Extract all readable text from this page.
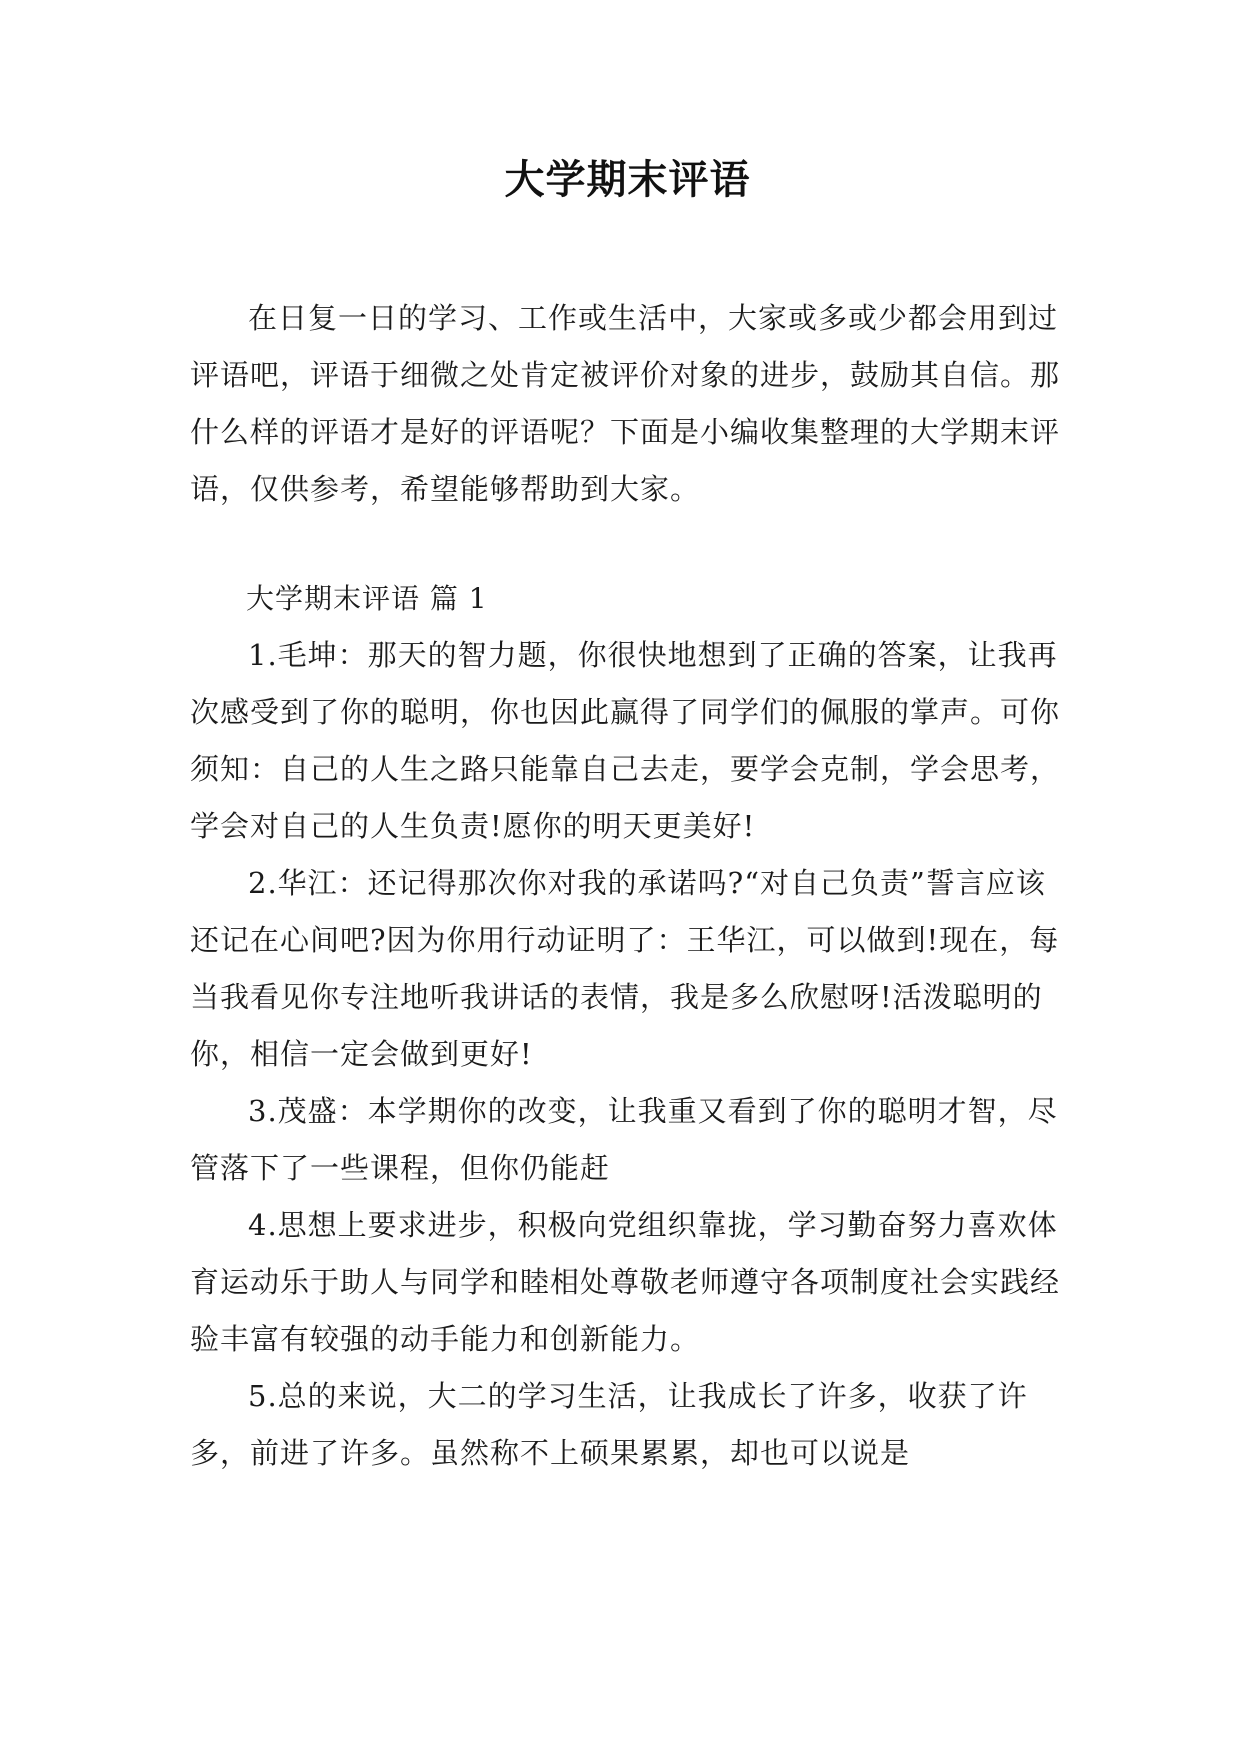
大学期末评语

在日复一日的学习、工作或生活中，大家或多或少都会用到过评语吧，评语于细微之处肯定被评价对象的进步，鼓励其自信。那什么样的评语才是好的评语呢？下面是小编收集整理的大学期末评语，仅供参考，希望能够帮助到大家。

大学期末评语 篇 1

1.毛坤：那天的智力题，你很快地想到了正确的答案，让我再次感受到了你的聪明，你也因此赢得了同学们的佩服的掌声。可你须知：自己的人生之路只能靠自己去走，要学会克制，学会思考，学会对自己的人生负责!愿你的明天更美好!

2.华江：还记得那次你对我的承诺吗?“对自己负责”誓言应该还记在心间吧?因为你用行动证明了：王华江，可以做到!现在，每当我看见你专注地听我讲话的表情，我是多么欣慰呀!活泼聪明的你，相信一定会做到更好!

3.茂盛：本学期你的改变，让我重又看到了你的聪明才智，尽管落下了一些课程，但你仍能赶

4.思想上要求进步，积极向党组织靠拢，学习勤奋努力喜欢体育运动乐于助人与同学和睦相处尊敬老师遵守各项制度社会实践经验丰富有较强的动手能力和创新能力。

5.总的来说，大二的学习生活，让我成长了许多，收获了许多，前进了许多。虽然称不上硕果累累，却也可以说是
